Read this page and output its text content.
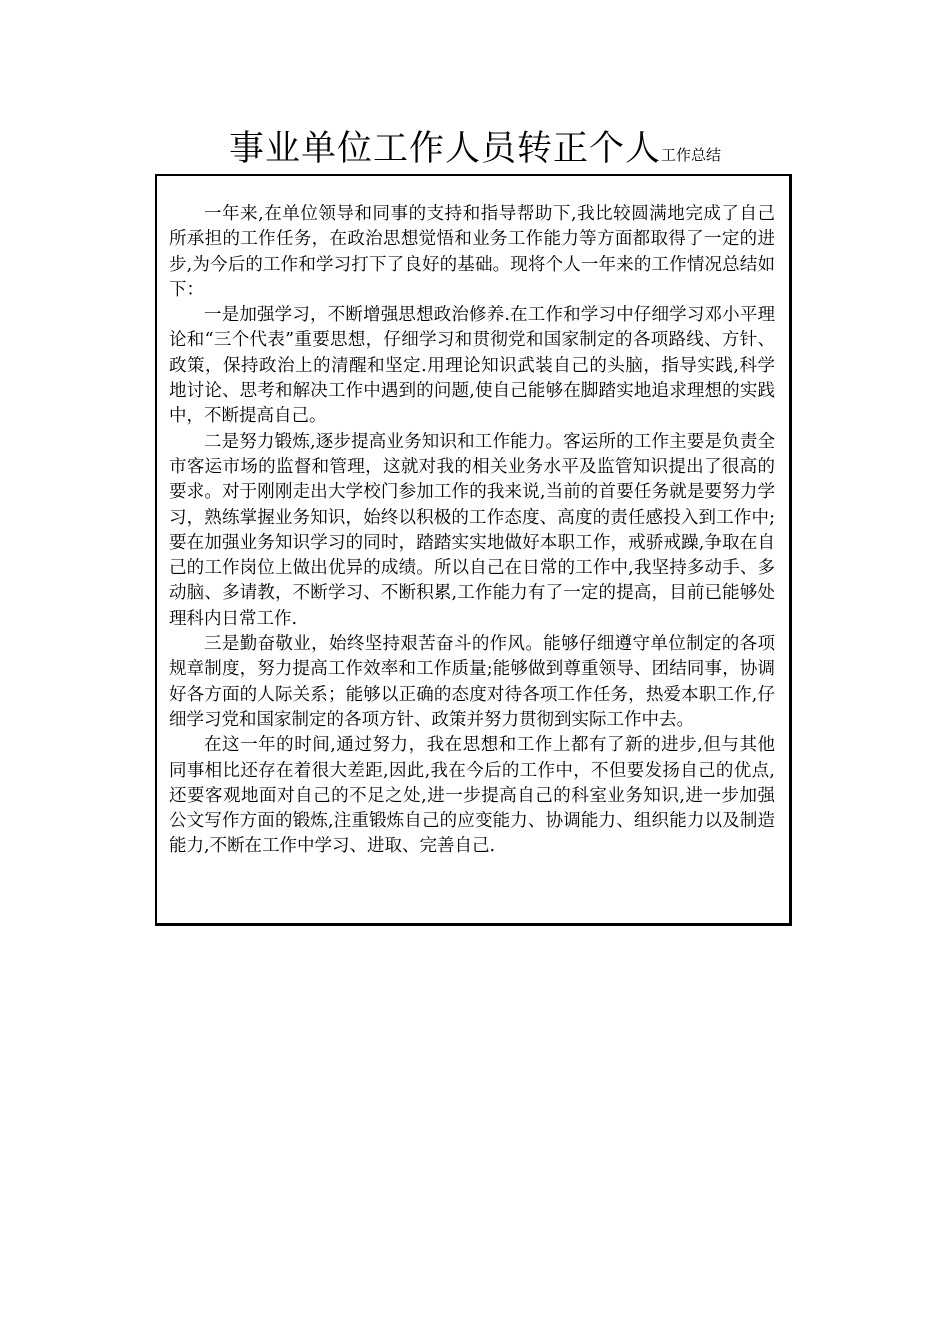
事业单位工作人员转正个人工作总结

一年来,在单位领导和同事的支持和指导帮助下,我比较圆满地完成了自己所承担的工作任务，在政治思想觉悟和业务工作能力等方面都取得了一定的进步,为今后的工作和学习打下了良好的基础。现将个人一年来的工作情况总结如下：

一是加强学习，不断增强思想政治修养.在工作和学习中仔细学习邓小平理论和“三个代表”重要思想，仔细学习和贯彻党和国家制定的各项路线、方针、政策，保持政治上的清醒和坚定.用理论知识武装自己的头脑，指导实践,科学地讨论、思考和解决工作中遇到的问题,使自己能够在脚踏实地追求理想的实践中，不断提高自己。

二是努力锻炼,逐步提高业务知识和工作能力。客运所的工作主要是负责全市客运市场的监督和管理，这就对我的相关业务水平及监管知识提出了很高的要求。对于刚刚走出大学校门参加工作的我来说,当前的首要任务就是要努力学习，熟练掌握业务知识，始终以积极的工作态度、高度的责任感投入到工作中;要在加强业务知识学习的同时，踏踏实实地做好本职工作，戒骄戒躁,争取在自己的工作岗位上做出优异的成绩。所以自己在日常的工作中,我坚持多动手、多动脑、多请教，不断学习、不断积累,工作能力有了一定的提高，目前已能够处理科内日常工作.

三是勤奋敬业，始终坚持艰苦奋斗的作风。能够仔细遵守单位制定的各项规章制度，努力提高工作效率和工作质量;能够做到尊重领导、团结同事，协调好各方面的人际关系；能够以正确的态度对待各项工作任务，热爱本职工作,仔细学习党和国家制定的各项方针、政策并努力贯彻到实际工作中去。

在这一年的时间,通过努力，我在思想和工作上都有了新的进步,但与其他同事相比还存在着很大差距,因此,我在今后的工作中，不但要发扬自己的优点,还要客观地面对自己的不足之处,进一步提高自己的科室业务知识,进一步加强公文写作方面的锻炼,注重锻炼自己的应变能力、协调能力、组织能力以及制造能力,不断在工作中学习、进取、完善自己.
